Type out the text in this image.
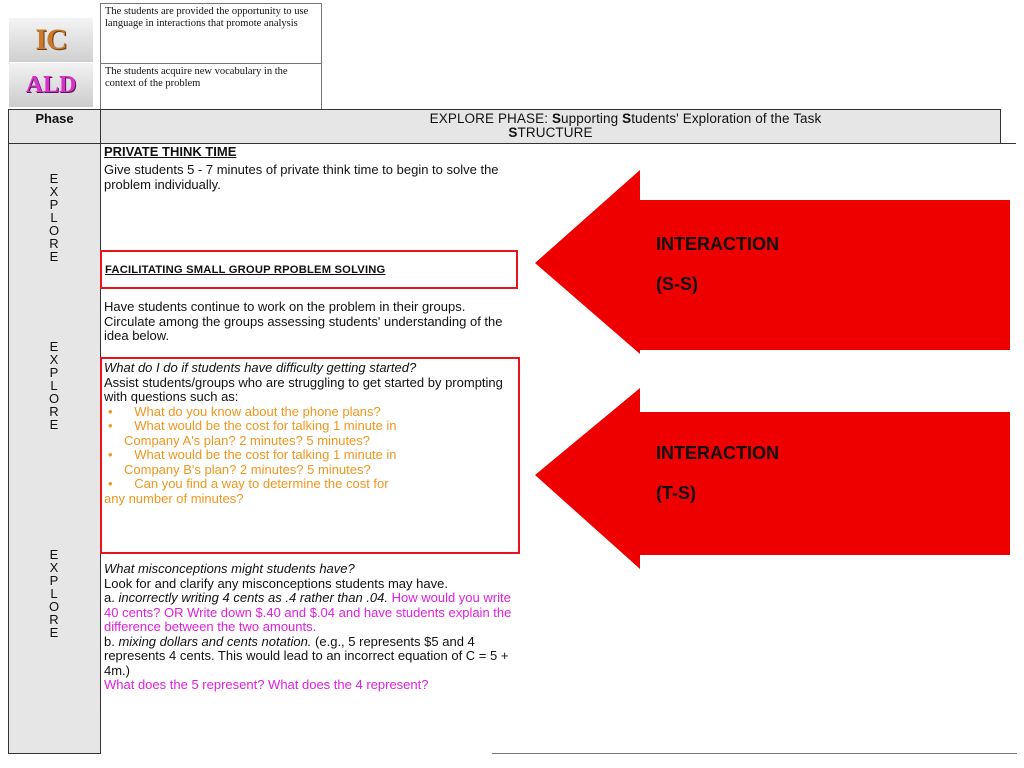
IC
The students are provided the opportunity to use language in interactions that promote analysis
ALD	The students acquire new vocabulary in the context of the problem
Phase	EXPLORE PHASE: Supporting Students' Exploration of the Task
STRUCTURE
E
X
P
L
O
R
E
E
X
P
L
O
R
E
E
X
P
L
O
R
E
PRIVATE THINK TIME
Give students 5 - 7 minutes of private think time to begin to solve the problem individually.
FACILITATING SMALL GROUP RPOBLEM SOLVING
Have students continue to work on the problem in their groups. Circulate among the groups assessing students' understanding of the idea below.
What do I do if students have difficulty getting started?
Assist students/groups who are struggling to get started by prompting with questions such as:
•      What do you know about the phone plans?
•      What would be the cost for talking 1 minute in
Company A's plan? 2 minutes? 5 minutes?
•      What would be the cost for talking 1 minute in
Company B's plan? 2 minutes? 5 minutes?
•      Can you find a way to determine the cost for
any number of minutes?
What misconceptions might students have?
Look for and clarify any misconceptions students may have.
a. incorrectly writing 4 cents as .4 rather than .04. How would you write 40 cents? OR Write down $.40 and $.04 and have students explain the difference between the two amounts.
b. mixing dollars and cents notation. (e.g., 5 represents $5 and 4 represents 4 cents. This would lead to an incorrect equation of C = 5 + 4m.)
What does the 5 represent? What does the 4 represent?
INTERACTION
(S-S)
INTERACTION
(T-S)
